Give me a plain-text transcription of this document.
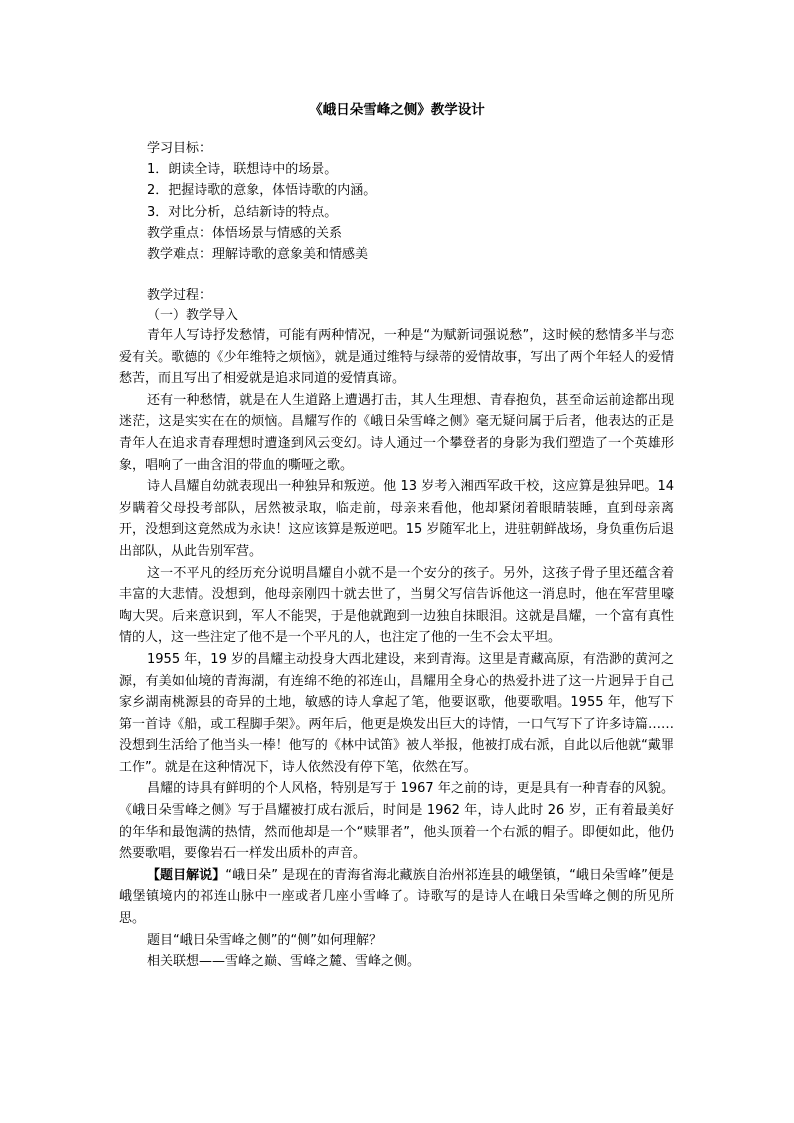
《峨日朵雪峰之侧》教学设计
学习目标：
1．朗读全诗，联想诗中的场景。
2．把握诗歌的意象，体悟诗歌的内涵。
3．对比分析，总结新诗的特点。
教学重点：体悟场景与情感的关系
教学难点：理解诗歌的意象美和情感美
教学过程：
（一）教学导入

青年人写诗抒发愁情，可能有两种情况，一种是“为赋新词强说愁”，这时候的愁情多半与恋爱有关。歌德的《少年维特之烦恼》，就是通过维特与绿蒂的爱情故事，写出了两个年轻人的爱情愁苦，而且写出了相爱就是追求同道的爱情真谛。

还有一种愁情，就是在人生道路上遭遇打击，其人生理想、青春抱负，甚至命运前途都出现迷茫，这是实实在在的烦恼。昌耀写作的《峨日朵雪峰之侧》毫无疑问属于后者，他表达的正是青年人在追求青春理想时遭逢到风云变幻。诗人通过一个攀登者的身影为我们塑造了一个英雄形象，唱响了一曲含泪的带血的嘶哑之歌。

诗人昌耀自幼就表现出一种独异和叛逆。他 13 岁考入湘西军政干校，这应算是独异吧。14 岁瞒着父母投考部队，居然被录取，临走前，母亲来看他，他却紧闭着眼睛装睡，直到母亲离开，没想到这竟然成为永诀！这应该算是叛逆吧。15 岁随军北上，进驻朝鲜战场，身负重伤后退出部队，从此告别军营。

这一不平凡的经历充分说明昌耀自小就不是一个安分的孩子。另外，这孩子骨子里还蕴含着丰富的大悲情。没想到，他母亲刚四十就去世了，当舅父写信告诉他这一消息时，他在军营里嚎啕大哭。后来意识到，军人不能哭，于是他就跑到一边独自抹眼泪。这就是昌耀，一个富有真性情的人，这一些注定了他不是一个平凡的人，也注定了他的一生不会太平坦。

1955 年，19 岁的昌耀主动投身大西北建设，来到青海。这里是青藏高原，有浩渺的黄河之源，有美如仙境的青海湖，有连绵不绝的祁连山，昌耀用全身心的热爱扑进了这一片迥异于自己家乡湖南桃源县的奇异的土地，敏感的诗人拿起了笔，他要讴歌，他要歌唱。1955 年，他写下第一首诗《船，或工程脚手架》。两年后，他更是焕发出巨大的诗情，一口气写下了许多诗篇……没想到生活给了他当头一棒！他写的《林中试笛》被人举报，他被打成右派，自此以后他就“戴罪工作”。就是在这种情况下，诗人依然没有停下笔，依然在写。

昌耀的诗具有鲜明的个人风格，特别是写于 1967 年之前的诗，更是具有一种青春的风貌。《峨日朵雪峰之侧》写于昌耀被打成右派后，时间是 1962 年，诗人此时 26 岁，正有着最美好的年华和最饱满的热情，然而他却是一个“赎罪者”，他头顶着一个右派的帽子。即便如此，他仍然要歌唱，要像岩石一样发出质朴的声音。

【题目解说】“峨日朵” 是现在的青海省海北藏族自治州祁连县的峨堡镇，“峨日朵雪峰”便是峨堡镇境内的祁连山脉中一座或者几座小雪峰了。诗歌写的是诗人在峨日朵雪峰之侧的所见所思。

题目“峨日朵雪峰之侧”的“侧”如何理解？

相关联想——雪峰之巅、雪峰之麓、雪峰之侧。
